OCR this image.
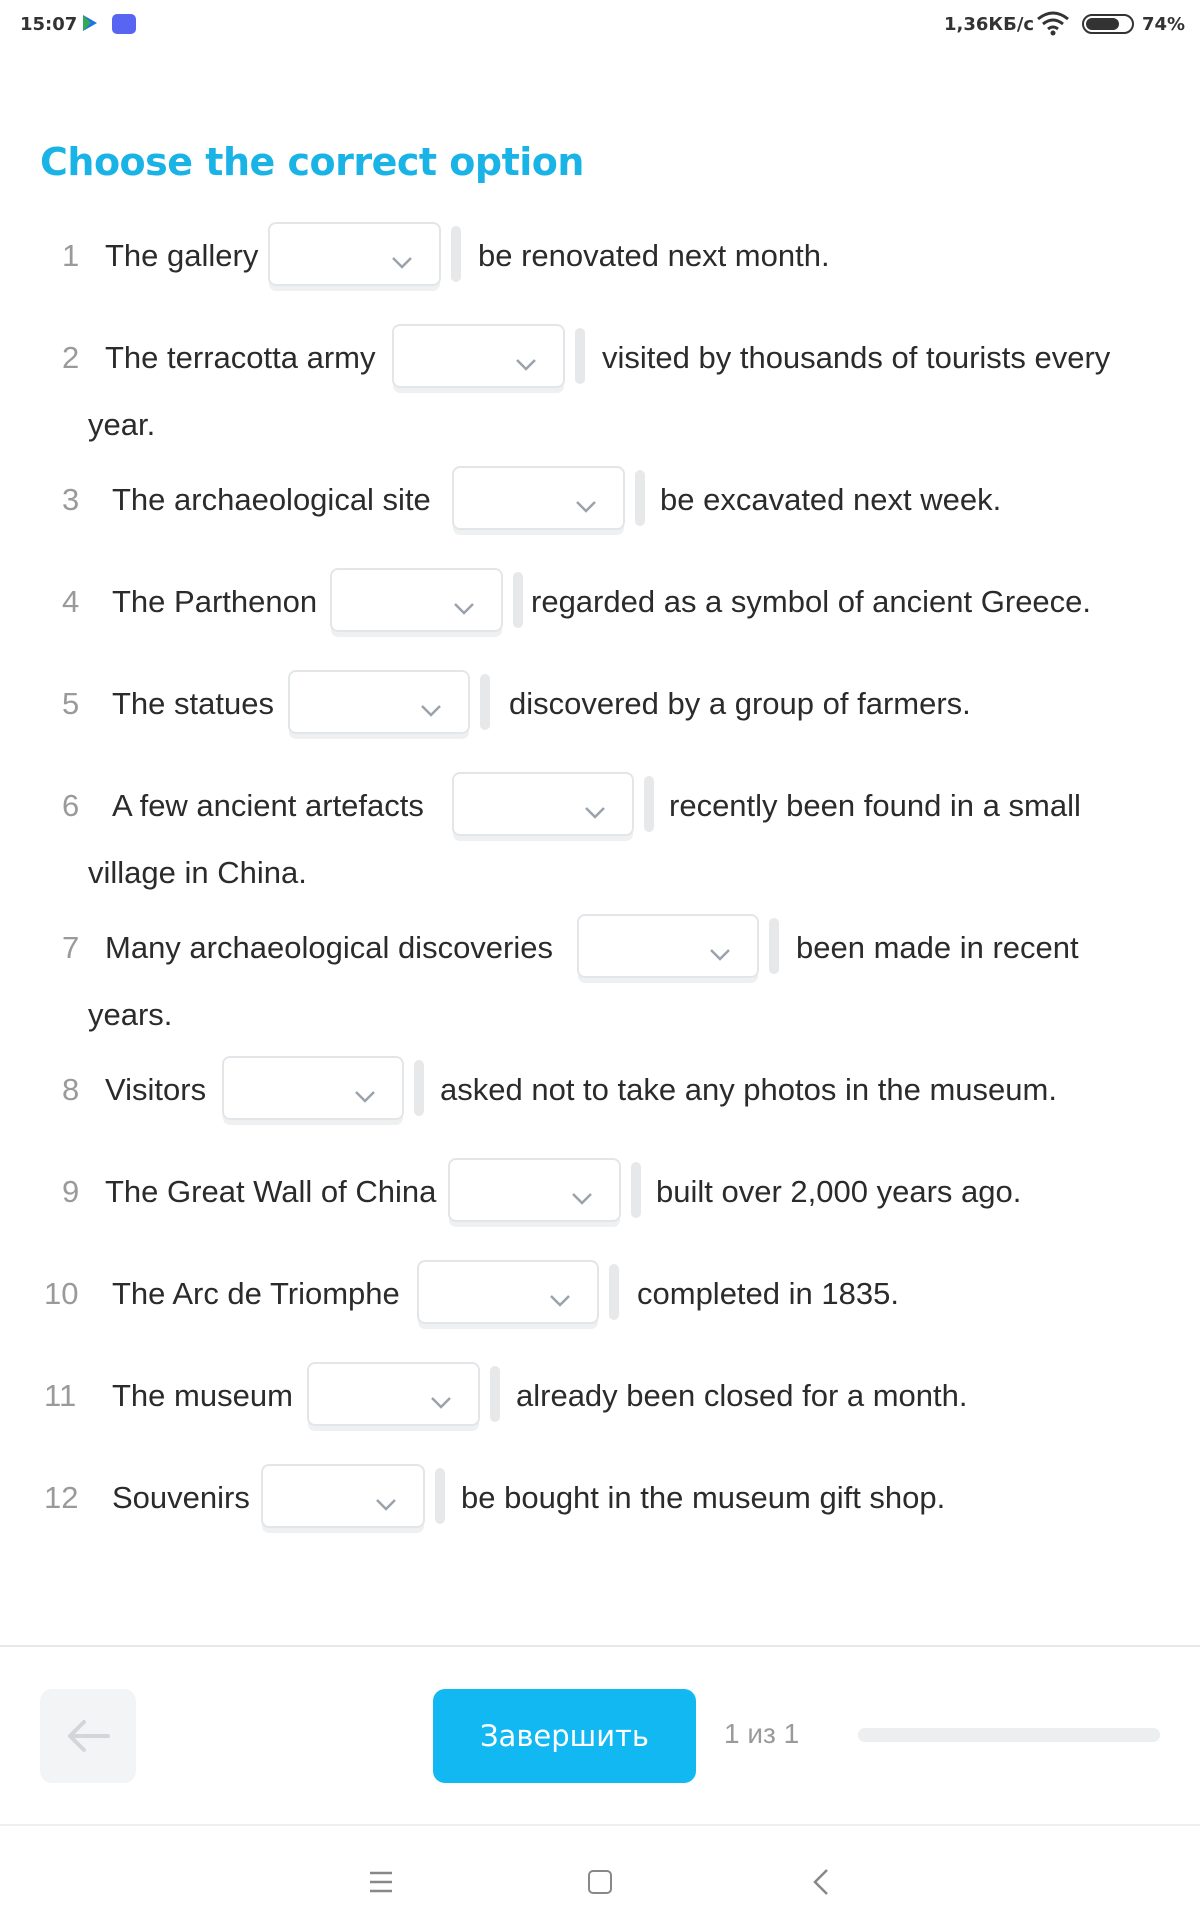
15:07	1,36КБ/с	74%
Choose the correct option
1 The gallery	be renovated next month.
2 The terracotta army	visited by thousands of tourists every
year.
3 The archaeological site	be excavated next week.
4 The Parthenon	regarded as a symbol of ancient Greece.
5 The statues	discovered by a group of farmers.
6 A few ancient artefacts	recently been found in a small
village in China.
7 Many archaeological discoveries	been made in recent
years.
8 Visitors	asked not to take any photos in the museum.
9 The Great Wall of China	built over 2,000 years ago.
10 The Arc de Triomphe	completed in 1835.
11 The museum	already been closed for a month.
12 Souvenirs	be bought in the museum gift shop.
Завершить	1 из 1
